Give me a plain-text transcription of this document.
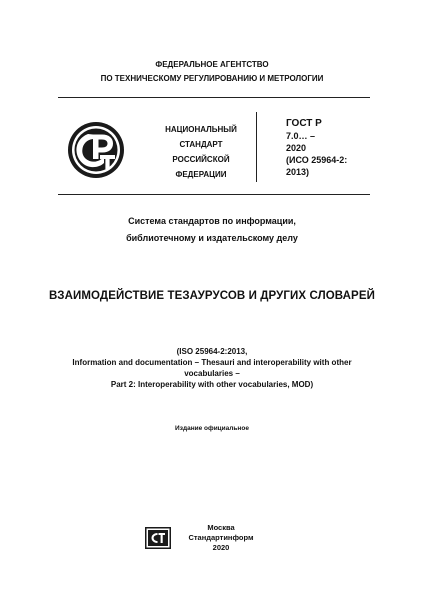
ФЕДЕРАЛЬНОЕ АГЕНТСТВО
ПО ТЕХНИЧЕСКОМУ РЕГУЛИРОВАНИЮ И МЕТРОЛОГИИ
НАЦИОНАЛЬНЫЙ
СТАНДАРТ
РОССИЙСКОЙ
ФЕДЕРАЦИИ
ГОСТ Р
7.0… –
2020
(ИСО 25964-2:
2013)
Система стандартов по информации,
библиотечному и издательскому делу
ВЗАИМОДЕЙСТВИЕ ТЕЗАУРУСОВ И ДРУГИХ СЛОВАРЕЙ
(ISO 25964-2:2013,
Information and documentation – Thesauri and interoperability with other
vocabularies –
Part 2: Interoperability with other vocabularies, MOD)
Издание официальное
Москва
Стандартинформ
2020
